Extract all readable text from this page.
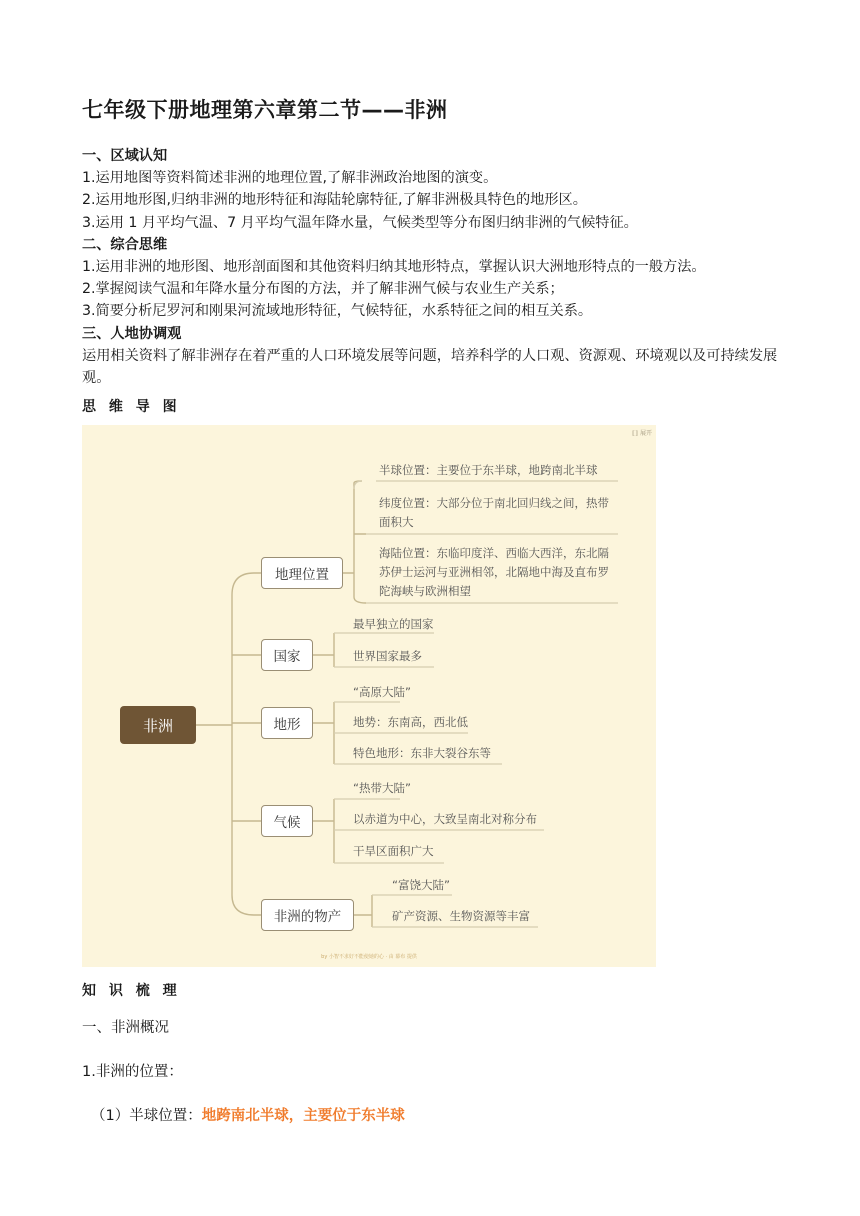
七年级下册地理第六章第二节——非洲
一、区域认知
1.运用地图等资料简述非洲的地理位置,了解非洲政治地图的演变。
2.运用地形图,归纳非洲的地形特征和海陆轮廓特征,了解非洲极具特色的地形区。
3.运用 1 月平均气温、7 月平均气温年降水量，气候类型等分布图归纳非洲的气候特征。
二、综合思维
1.运用非洲的地形图、地形剖面图和其他资料归纳其地形特点，掌握认识大洲地形特点的一般方法。
2.掌握阅读气温和年降水量分布图的方法，并了解非洲气候与农业生产关系；
3.简要分析尼罗河和刚果河流域地形特征，气候特征，水系特征之间的相互关系。
三、人地协调观
运用相关资料了解非洲存在着严重的人口环境发展等问题，培养科学的人口观、资源观、环境观以及可持续发展观。
思 维 导 图
⟦⟧ 展开
非洲
地理位置
国家
地形
气候
非洲的物产
半球位置：主要位于东半球，地跨南北半球
纬度位置：大部分位于南北回归线之间，热带面积大
海陆位置：东临印度洋、西临大西洋，东北隔苏伊士运河与亚洲相邻，北隔地中海及直布罗陀海峡与欧洲相望
最早独立的国家
世界国家最多
“高原大陆”
地势：东南高，西北低
特色地形：东非大裂谷东等
“热带大陆”
以赤道为中心，大致呈南北对称分布
干旱区面积广大
“富饶大陆”
矿产资源、生物资源等丰富
by 小智不求好不能使她的心 · 由 幕布 提供
知 识 梳 理
一、非洲概况
1.非洲的位置：
（1）半球位置：地跨南北半球，主要位于东半球
